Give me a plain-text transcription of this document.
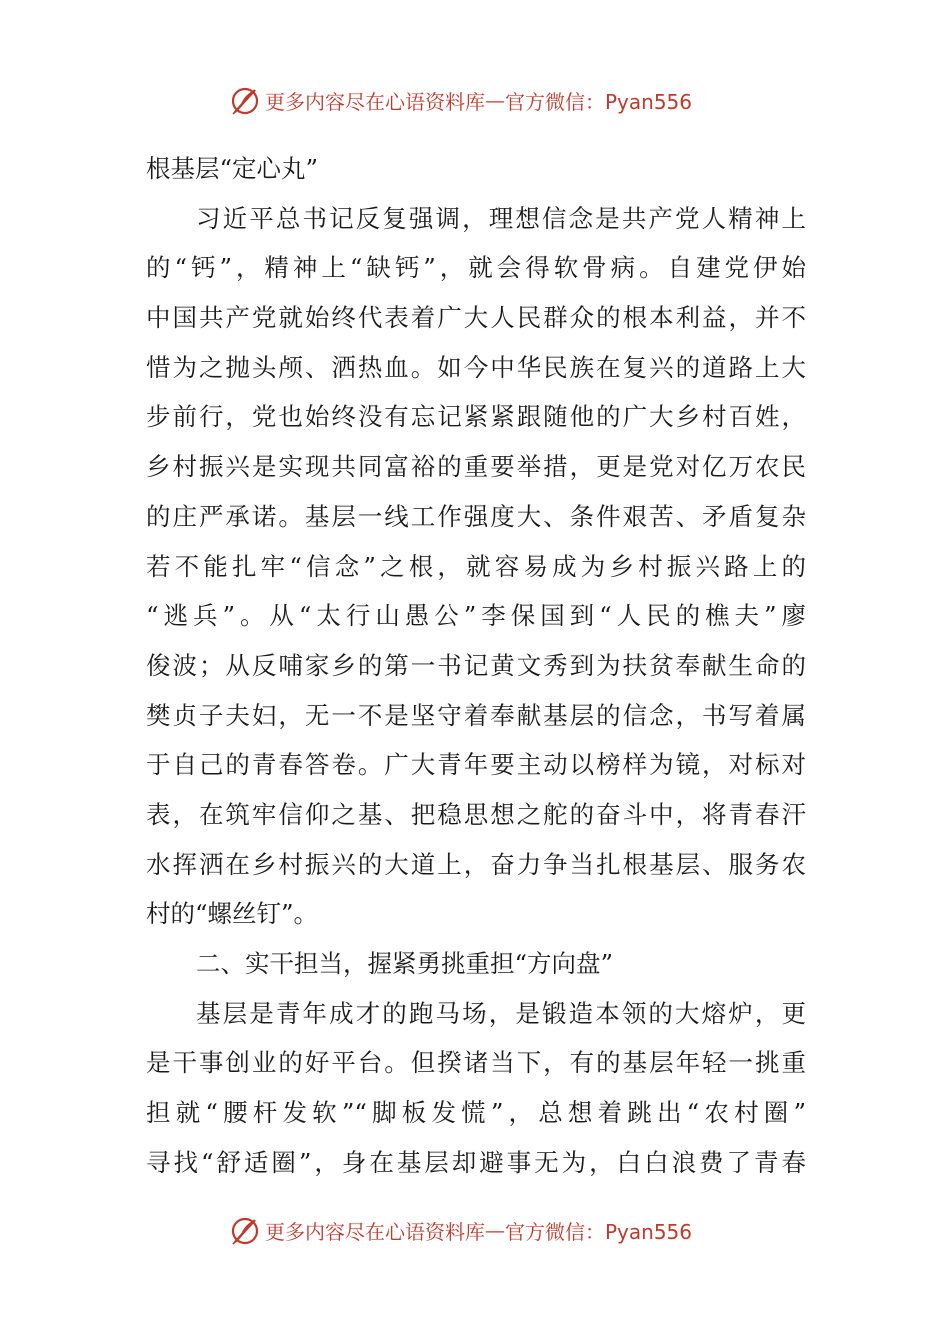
更多内容尽在心语资料库 — 官方微信：Pyan556
根基层“定心丸”
习近平总书记反复强调，理想信念是共产党人精神上
的“钙”，精神上“缺钙”，就会得软骨病。自建党伊始
中国共产党就始终代表着广大人民群众的根本利益，并不
惜为之抛头颅、洒热血。如今中华民族在复兴的道路上大
步前行，党也始终没有忘记紧紧跟随他的广大乡村百姓，
乡村振兴是实现共同富裕的重要举措，更是党对亿万农民
的庄严承诺。基层一线工作强度大、条件艰苦、矛盾复杂
若不能扎牢“信念”之根，就容易成为乡村振兴路上的
“逃兵”。从“太行山愚公”李保国到“人民的樵夫”廖
俊波；从反哺家乡的第一书记黄文秀到为扶贫奉献生命的
樊贞子夫妇，无一不是坚守着奉献基层的信念，书写着属
于自己的青春答卷。广大青年要主动以榜样为镜，对标对
表，在筑牢信仰之基、把稳思想之舵的奋斗中，将青春汗
水挥洒在乡村振兴的大道上，奋力争当扎根基层、服务农
村的“螺丝钉”。
二、实干担当，握紧勇挑重担“方向盘”
基层是青年成才的跑马场，是锻造本领的大熔炉，更
是干事创业的好平台。但揆诸当下，有的基层年轻一挑重
担就“腰杆发软”“脚板发慌”，总想着跳出“农村圈”
寻找“舒适圈”，身在基层却避事无为，白白浪费了青春
更多内容尽在心语资料库 — 官方微信：Pyan556
